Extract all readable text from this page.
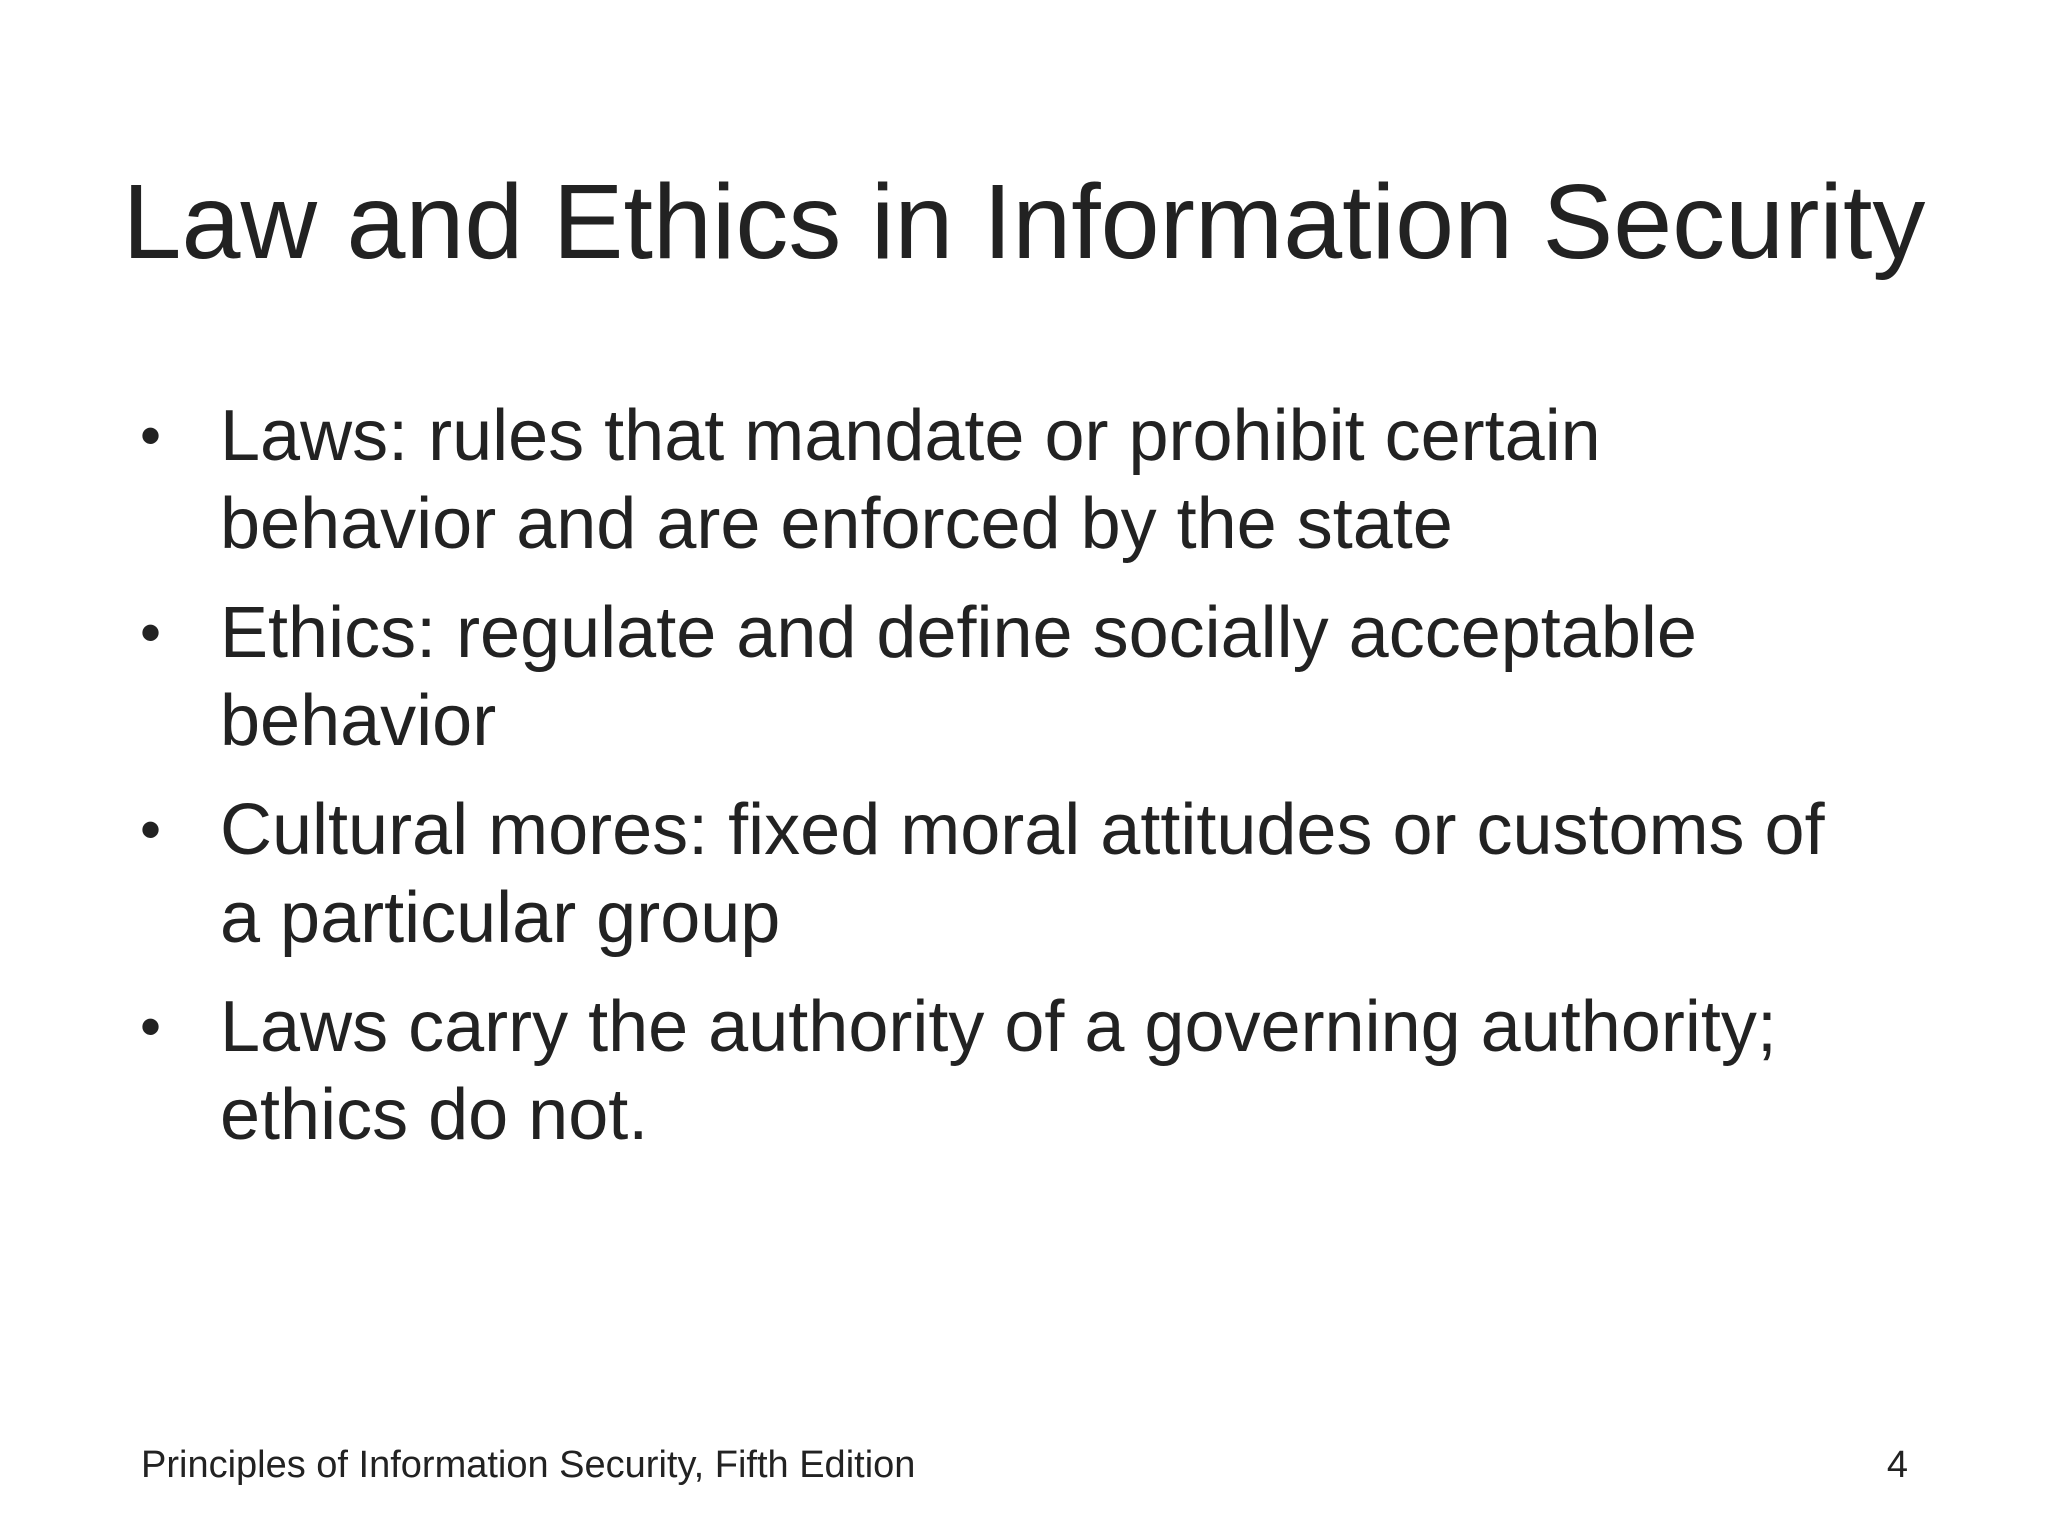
Law and Ethics in Information Security
• Laws: rules that mandate or prohibit certain
behavior and are enforced by the state
• Ethics: regulate and define socially acceptable
behavior
• Cultural mores: fixed moral attitudes or customs of
a particular group
• Laws carry the authority of a governing authority;
ethics do not.
Principles of Information Security, Fifth Edition	4
